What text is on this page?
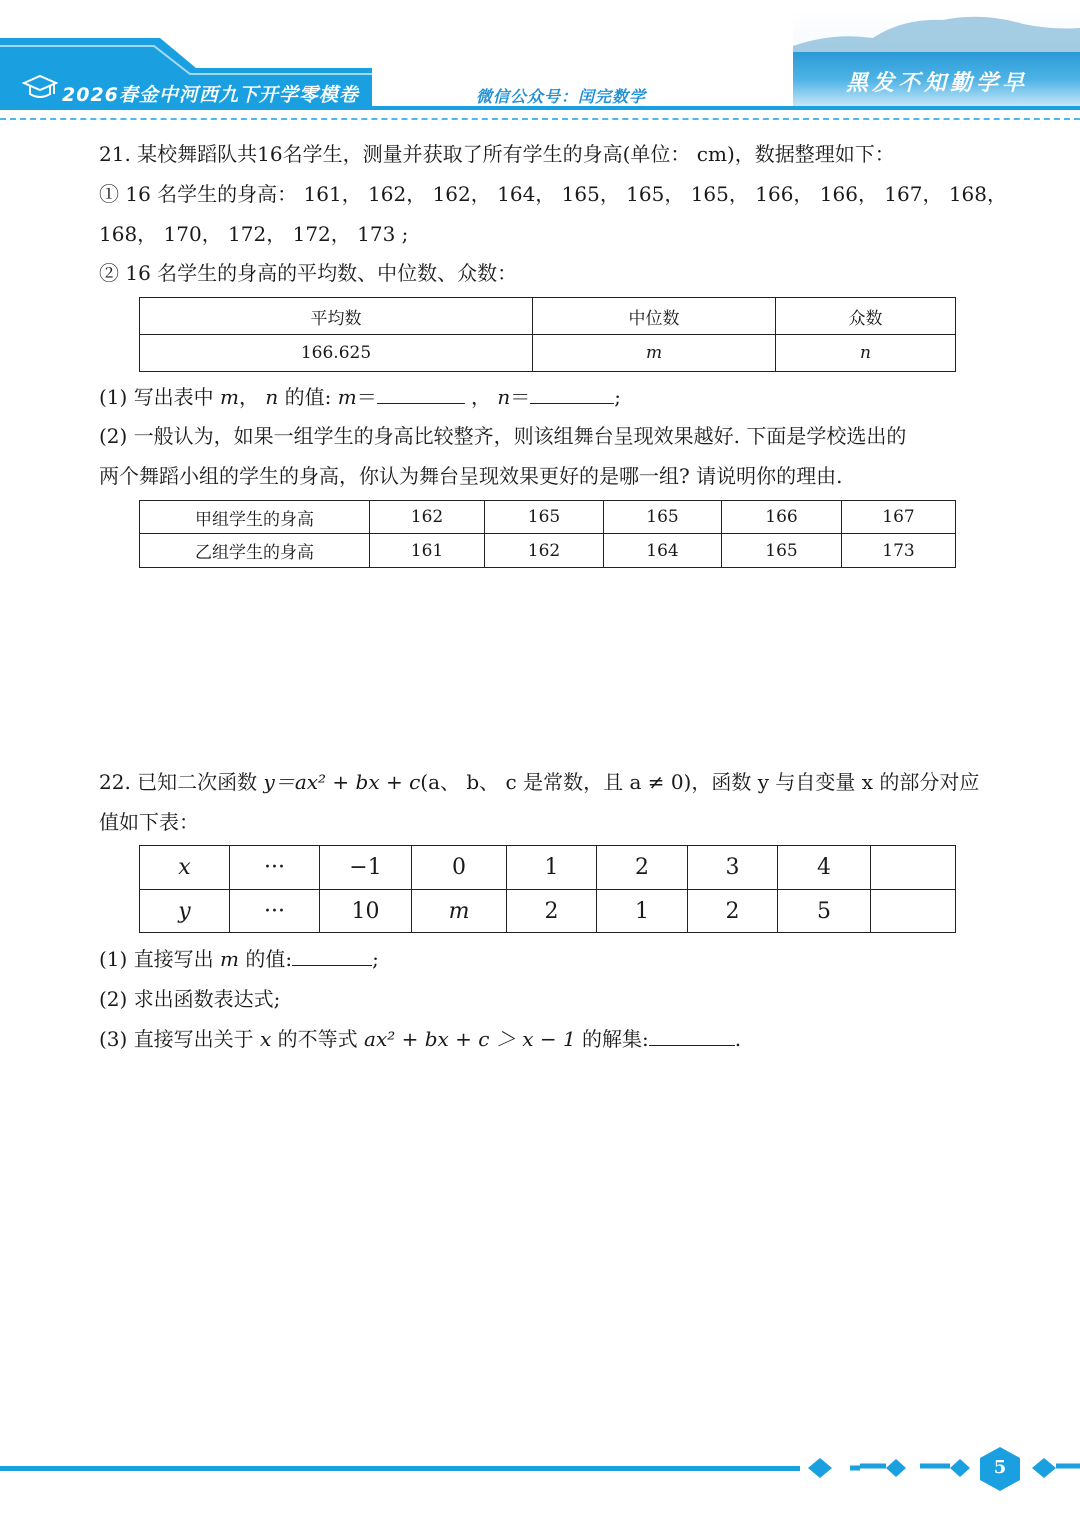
2026春金中河西九下开学零模卷	微信公众号：闰完数学
黑发不知勤学早
21. 某校舞蹈队共16名学生，测量并获取了所有学生的身高(单位： cm)，数据整理如下：
① 16 名学生的身高： 161， 162， 162， 164， 165， 165， 165， 166， 166， 167， 168，
168， 170， 172， 172， 173 ;
② 16 名学生的身高的平均数、中位数、众数：
平均数	中位数	众数
166.625	m	n
(1) 写出表中 m， n 的值: m＝	， n＝	;
(2) 一般认为，如果一组学生的身高比较整齐，则该组舞台呈现效果越好. 下面是学校选出的
两个舞蹈小组的学生的身高，你认为舞台呈现效果更好的是哪一组? 请说明你的理由.
甲组学生的身高	162	165	165	166	167
乙组学生的身高	161	162	164	165	173
22. 已知二次函数 y＝ax² + bx + c(a、 b、 c 是常数，且 a ≠ 0)，函数 y 与自变量 x 的部分对应
值如下表：
x	···	−1	0	1	2	3	4	
y	···	10	m	2	1	2	5	
(1) 直接写出 m 的值:	;
(2) 求出函数表达式;
(3) 直接写出关于 x 的不等式 ax² + bx + c ＞ x − 1 的解集:	.
5
